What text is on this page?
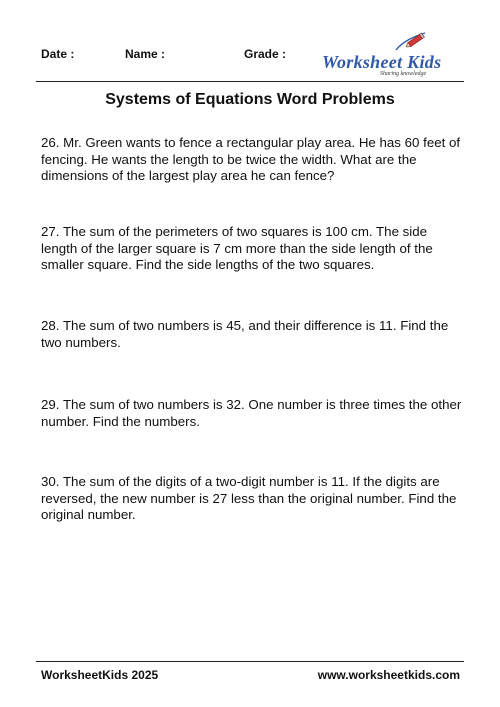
Date :	Name :	Grade : Worksheet Kids
Sharing knowledge
Systems of Equations Word Problems
26. Mr. Green wants to fence a rectangular play area. He has 60 feet of fencing. He wants the length to be twice the width. What are the dimensions of the largest play area he can fence?
27. The sum of the perimeters of two squares is 100 cm. The side length of the larger square is 7 cm more than the side length of the smaller square. Find the side lengths of the two squares.
28. The sum of two numbers is 45, and their difference is 11. Find the two numbers.
29. The sum of two numbers is 32. One number is three times the other number. Find the numbers.
30. The sum of the digits of a two-digit number is 11. If the digits are reversed, the new number is 27 less than the original number. Find the original number.
WorksheetKids 2025	www.worksheetkids.com
